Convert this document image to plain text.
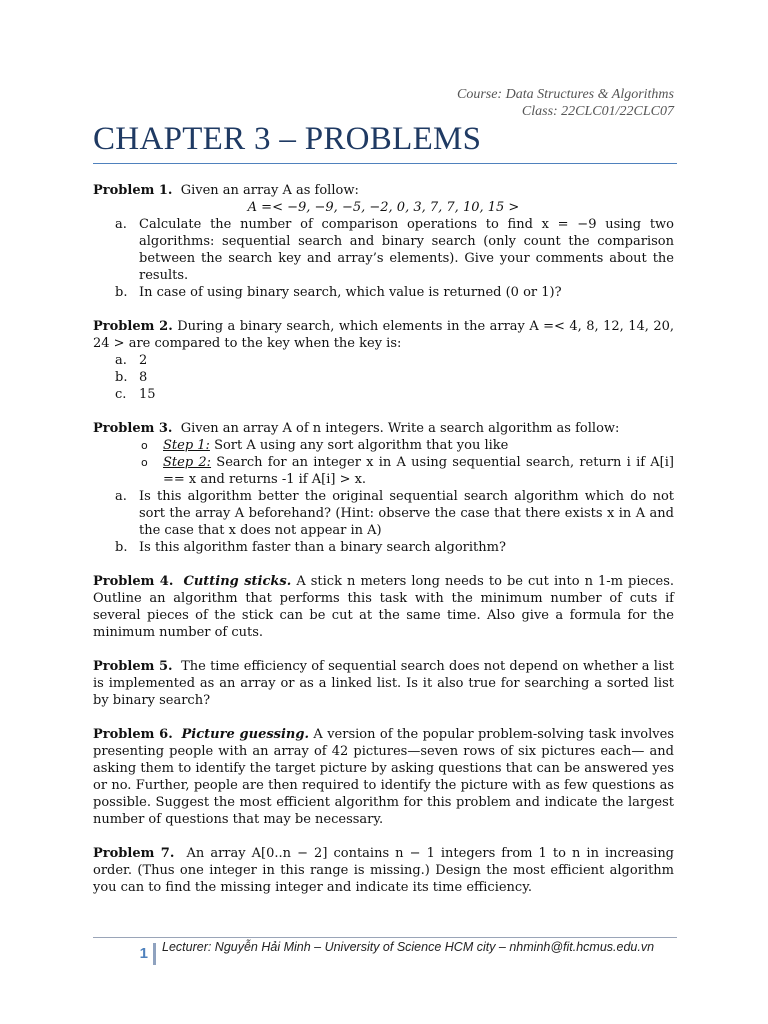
Course: Data Structures & Algorithms
Class: 22CLC01/22CLC07
CHAPTER 3 – PROBLEMS

Problem 1. Given an array A as follow:

A =< −9, −9, −5, −2, 0, 3, 7, 7, 10, 15 >

a. Calculate the number of comparison operations to find x = −9 using two algorithms: sequential search and binary search (only count the comparison between the search key and array’s elements). Give your comments about the results.
b. In case of using binary search, which value is returned (0 or 1)?

Problem 2. During a binary search, which elements in the array A =< 4, 8, 12, 14, 20, 24 > are compared to the key when the key is:

a. 2
b. 8
c. 15

Problem 3. Given an array A of n integers. Write a search algorithm as follow:

o Step 1: Sort A using any sort algorithm that you like
o Step 2: Search for an integer x in A using sequential search, return i if A[i] == x and returns -1 if A[i] > x.
a. Is this algorithm better the original sequential search algorithm which do not sort the array A beforehand? (Hint: observe the case that there exists x in A and the case that x does not appear in A)
b. Is this algorithm faster than a binary search algorithm?

Problem 4. Cutting sticks. A stick n meters long needs to be cut into n 1-m pieces. Outline an algorithm that performs this task with the minimum number of cuts if several pieces of the stick can be cut at the same time. Also give a formula for the minimum number of cuts.

Problem 5. The time efficiency of sequential search does not depend on whether a list is implemented as an array or as a linked list. Is it also true for searching a sorted list by binary search?

Problem 6. Picture guessing. A version of the popular problem-solving task involves presenting people with an array of 42 pictures—seven rows of six pictures each— and asking them to identify the target picture by asking questions that can be answered yes or no. Further, people are then required to identify the picture with as few questions as possible. Suggest the most efficient algorithm for this problem and indicate the largest number of questions that may be necessary.

Problem 7. An array A[0..n − 2] contains n − 1 integers from 1 to n in increasing order. (Thus one integer in this range is missing.) Design the most efficient algorithm you can to find the missing integer and indicate its time efficiency.

1	Lecturer: Nguyễn Hải Minh – University of Science HCM city – nhminh@fit.hcmus.edu.vn
